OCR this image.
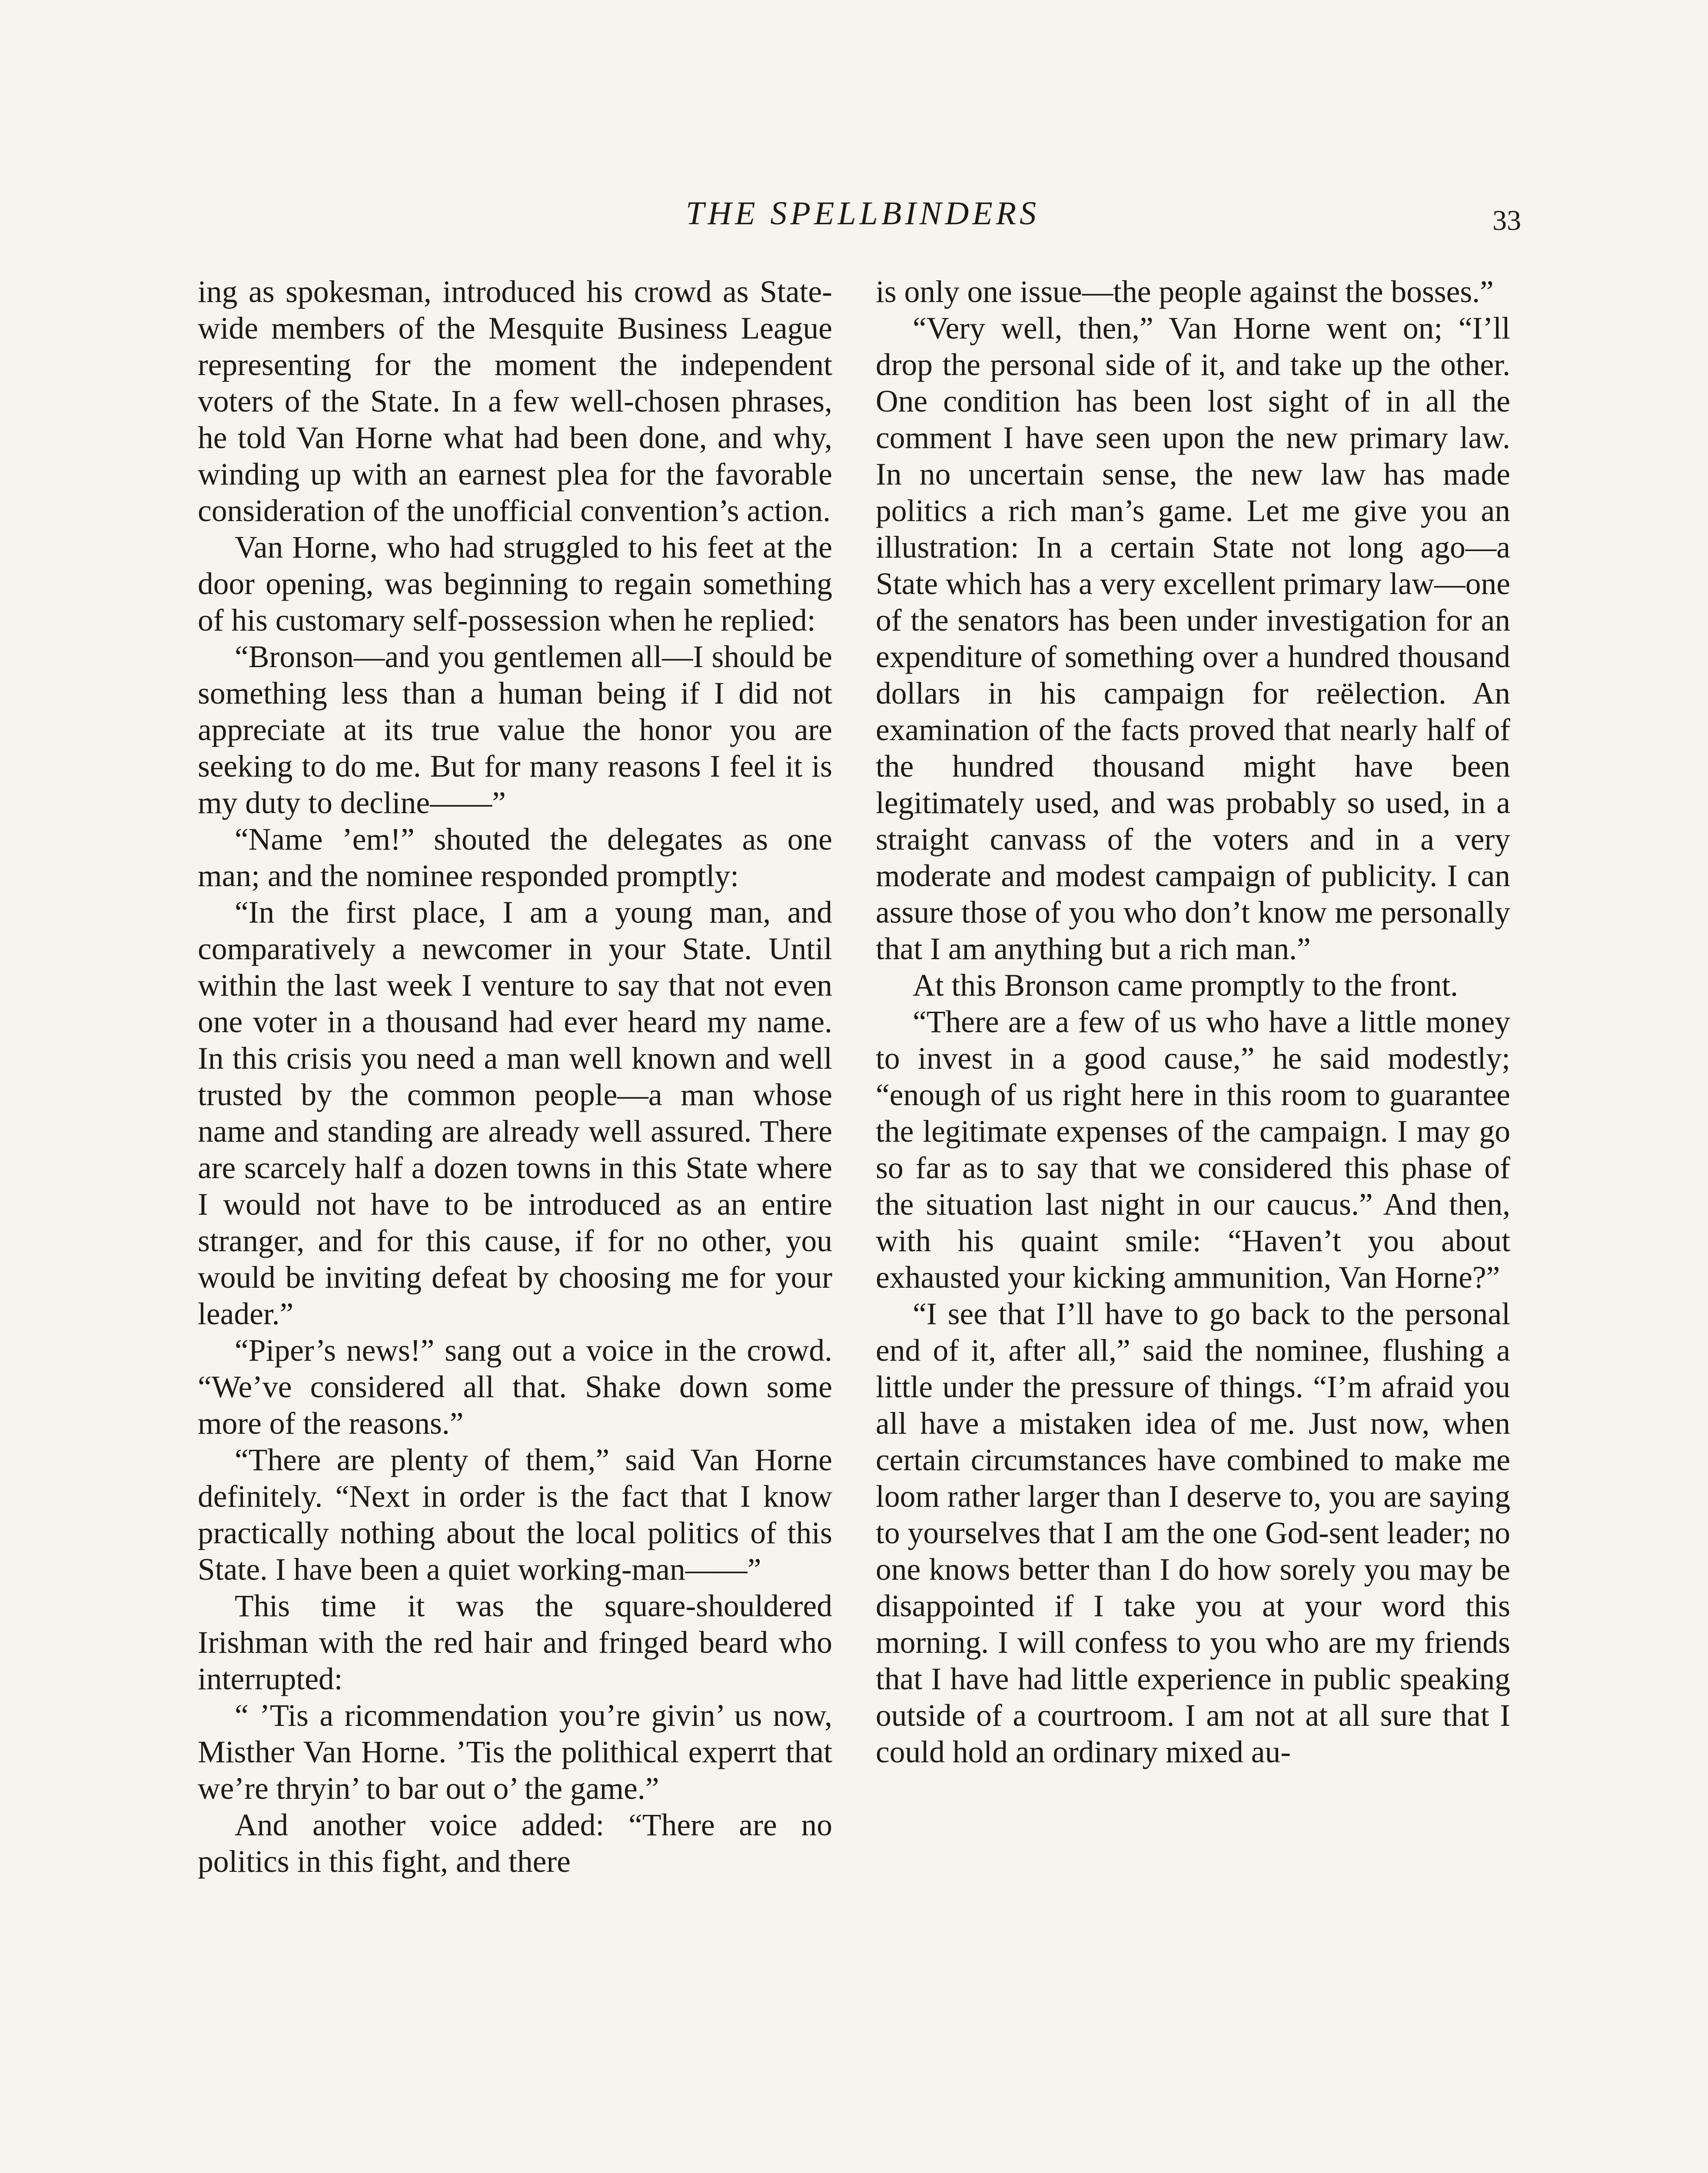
THE SPELLBINDERS	33

ing as spokesman, introduced his crowd as State-wide members of the Mesquite Business League representing for the moment the independent voters of the State. In a few well-chosen phrases, he told Van Horne what had been done, and why, winding up with an earnest plea for the favorable consideration of the unofficial convention’s action.

Van Horne, who had struggled to his feet at the door opening, was beginning to regain something of his customary self-possession when he replied:

“Bronson—and you gentlemen all—I should be something less than a human being if I did not appreciate at its true value the honor you are seeking to do me. But for many reasons I feel it is my duty to decline——”

“Name ’em!” shouted the delegates as one man; and the nominee responded promptly:

“In the first place, I am a young man, and comparatively a newcomer in your State. Until within the last week I venture to say that not even one voter in a thousand had ever heard my name. In this crisis you need a man well known and well trusted by the common people—a man whose name and standing are already well assured. There are scarcely half a dozen towns in this State where I would not have to be introduced as an entire stranger, and for this cause, if for no other, you would be inviting defeat by choosing me for your leader.”

“Piper’s news!” sang out a voice in the crowd. “We’ve considered all that. Shake down some more of the reasons.”

“There are plenty of them,” said Van Horne definitely. “Next in order is the fact that I know practically nothing about the local politics of this State. I have been a quiet working-man——”

This time it was the square-shouldered Irishman with the red hair and fringed beard who interrupted:

“ ’Tis a ricommendation you’re givin’ us now, Misther Van Horne. ’Tis the polithical experrt that we’re thryin’ to bar out o’ the game.”

And another voice added: “There are no politics in this fight, and there

is only one issue—the people against the bosses.”

“Very well, then,” Van Horne went on; “I’ll drop the personal side of it, and take up the other. One condition has been lost sight of in all the comment I have seen upon the new primary law. In no uncertain sense, the new law has made politics a rich man’s game. Let me give you an illustration: In a certain State not long ago—a State which has a very excellent primary law—one of the senators has been under investigation for an expenditure of something over a hundred thousand dollars in his campaign for reëlection. An examination of the facts proved that nearly half of the hundred thousand might have been legitimately used, and was probably so used, in a straight canvass of the voters and in a very moderate and modest campaign of publicity. I can assure those of you who don’t know me personally that I am anything but a rich man.”

At this Bronson came promptly to the front.

“There are a few of us who have a little money to invest in a good cause,” he said modestly; “enough of us right here in this room to guarantee the legitimate expenses of the campaign. I may go so far as to say that we considered this phase of the situation last night in our caucus.” And then, with his quaint smile: “Haven’t you about exhausted your kicking ammunition, Van Horne?”

“I see that I’ll have to go back to the personal end of it, after all,” said the nominee, flushing a little under the pressure of things. “I’m afraid you all have a mistaken idea of me. Just now, when certain circumstances have combined to make me loom rather larger than I deserve to, you are saying to yourselves that I am the one God-sent leader; no one knows better than I do how sorely you may be disappointed if I take you at your word this morning. I will confess to you who are my friends that I have had little experience in public speaking outside of a courtroom. I am not at all sure that I could hold an ordinary mixed au-
